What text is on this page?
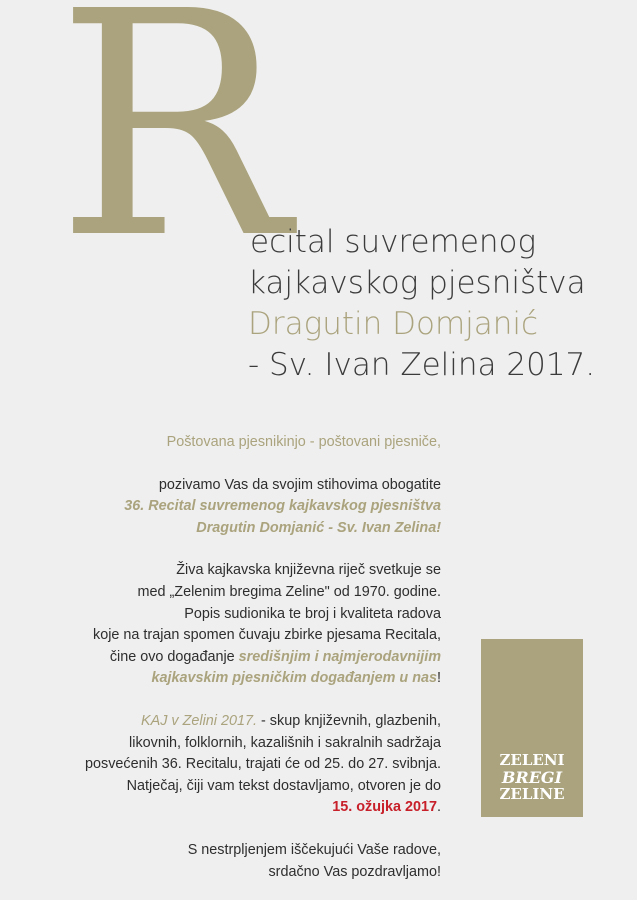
R
ecital suvremenog
kajkavskog pjesništva
Dragutin Domjanić
- Sv. Ivan Zelina 2017.

Poštovana pjesnikinjo - poštovani pjesniče,

pozivamo Vas da svojim stihovima obogatite
36. Recital suvremenog kajkavskog pjesništva
Dragutin Domjanić - Sv. Ivan Zelina!

Živa kajkavska književna riječ svetkuje se
med „Zelenim bregima Zeline" od 1970. godine.
Popis sudionika te broj i kvaliteta radova
koje na trajan spomen čuvaju zbirke pjesama Recitala,
čine ovo događanje središnjim i najmjerodavnijim
kajkavskim pjesničkim događanjem u nas!

KAJ v Zelini 2017. - skup književnih, glazbenih,
likovnih, folklornih, kazališnih i sakralnih sadržaja
posvećenih 36. Recitalu, trajati će od 25. do 27. svibnja.
Natječaj, čiji vam tekst dostavljamo, otvoren je do
15. ožujka 2017.

S nestrpljenjem iščekujući Vaše radove,
srdačno Vas pozdravljamo!

ZELENI
BREGI
ZELINE
